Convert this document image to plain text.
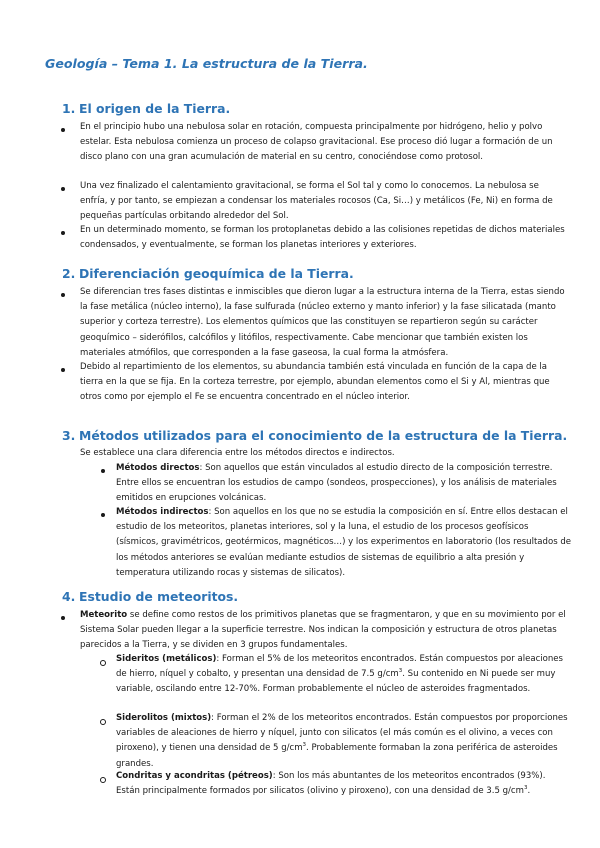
Geología – Tema 1. La estructura de la Tierra.
1. El origen de la Tierra.

En el principio hubo una nebulosa solar en rotación, compuesta principalmente por hidrógeno, helio y polvo estelar. Esta nebulosa comienza un proceso de colapso gravitacional. Ese proceso dió lugar a formación de un disco plano con una gran acumulación de material en su centro, conociéndose como protosol.

Una vez finalizado el calentamiento gravitacional, se forma el Sol tal y como lo conocemos. La nebulosa se enfría, y por tanto, se empiezan a condensar los materiales rocosos (Ca, Si…) y metálicos (Fe, Ni) en forma de pequeñas partículas orbitando alrededor del Sol.

En un determinado momento, se forman los protoplanetas debido a las colisiones repetidas de dichos materiales condensados, y eventualmente, se forman los planetas interiores y exteriores.

2. Diferenciación geoquímica de la Tierra.

Se diferencian tres fases distintas e inmiscibles que dieron lugar a la estructura interna de la Tierra, estas siendo la fase metálica (núcleo interno), la fase sulfurada (núcleo externo y manto inferior) y la fase silicatada (manto superior y corteza terrestre). Los elementos químicos que las constituyen se repartieron según su carácter geoquímico – siderófilos, calcófilos y litófilos, respectivamente. Cabe mencionar que también existen los materiales atmófilos, que corresponden a la fase gaseosa, la cual forma la atmósfera.

Debido al repartimiento de los elementos, su abundancia también está vinculada en función de la capa de la tierra en la que se fija. En la corteza terrestre, por ejemplo, abundan elementos como el Si y Al, mientras que otros como por ejemplo el Fe se encuentra concentrado en el núcleo interior.

3. Métodos utilizados para el conocimiento de la estructura de la Tierra.

Se establece una clara diferencia entre los métodos directos e indirectos.

Métodos directos: Son aquellos que están vinculados al estudio directo de la composición terrestre. Entre ellos se encuentran los estudios de campo (sondeos, prospecciones), y los análisis de materiales emitidos en erupciones volcánicas.

Métodos indirectos: Son aquellos en los que no se estudia la composición en sí. Entre ellos destacan el estudio de los meteoritos, planetas interiores, sol y la luna, el estudio de los procesos geofísicos (sísmicos, gravimétricos, geotérmicos, magnéticos…) y los experimentos en laboratorio (los resultados de los métodos anteriores se evalúan mediante estudios de sistemas de equilibrio a alta presión y temperatura utilizando rocas y sistemas de silicatos).

4. Estudio de meteoritos.

Meteorito se define como restos de los primitivos planetas que se fragmentaron, y que en su movimiento por el Sistema Solar pueden llegar a la superficie terrestre. Nos indican la composición y estructura de otros planetas parecidos a la Tierra, y se dividen en 3 grupos fundamentales.

Sideritos (metálicos): Forman el 5% de los meteoritos encontrados. Están compuestos por aleaciones de hierro, níquel y cobalto, y presentan una densidad de 7.5 $g/cm^3$. Su contenido en Ni puede ser muy variable, oscilando entre 12-70%. Forman probablemente el núcleo de asteroides fragmentados.

Siderolitos (mixtos): Forman el 2% de los meteoritos encontrados. Están compuestos por proporciones variables de aleaciones de hierro y níquel, junto con silicatos (el más común es el olivino, a veces con piroxeno), y tienen una densidad de 5 $g/cm^3$. Probablemente formaban la zona periférica de asteroides grandes.

Condritas y acondritas (pétreos): Son los más abuntantes de los meteoritos encontrados (93%). Están principalmente formados por silicatos (olivino y piroxeno), con una densidad de 3.5 $g/cm^3$.
